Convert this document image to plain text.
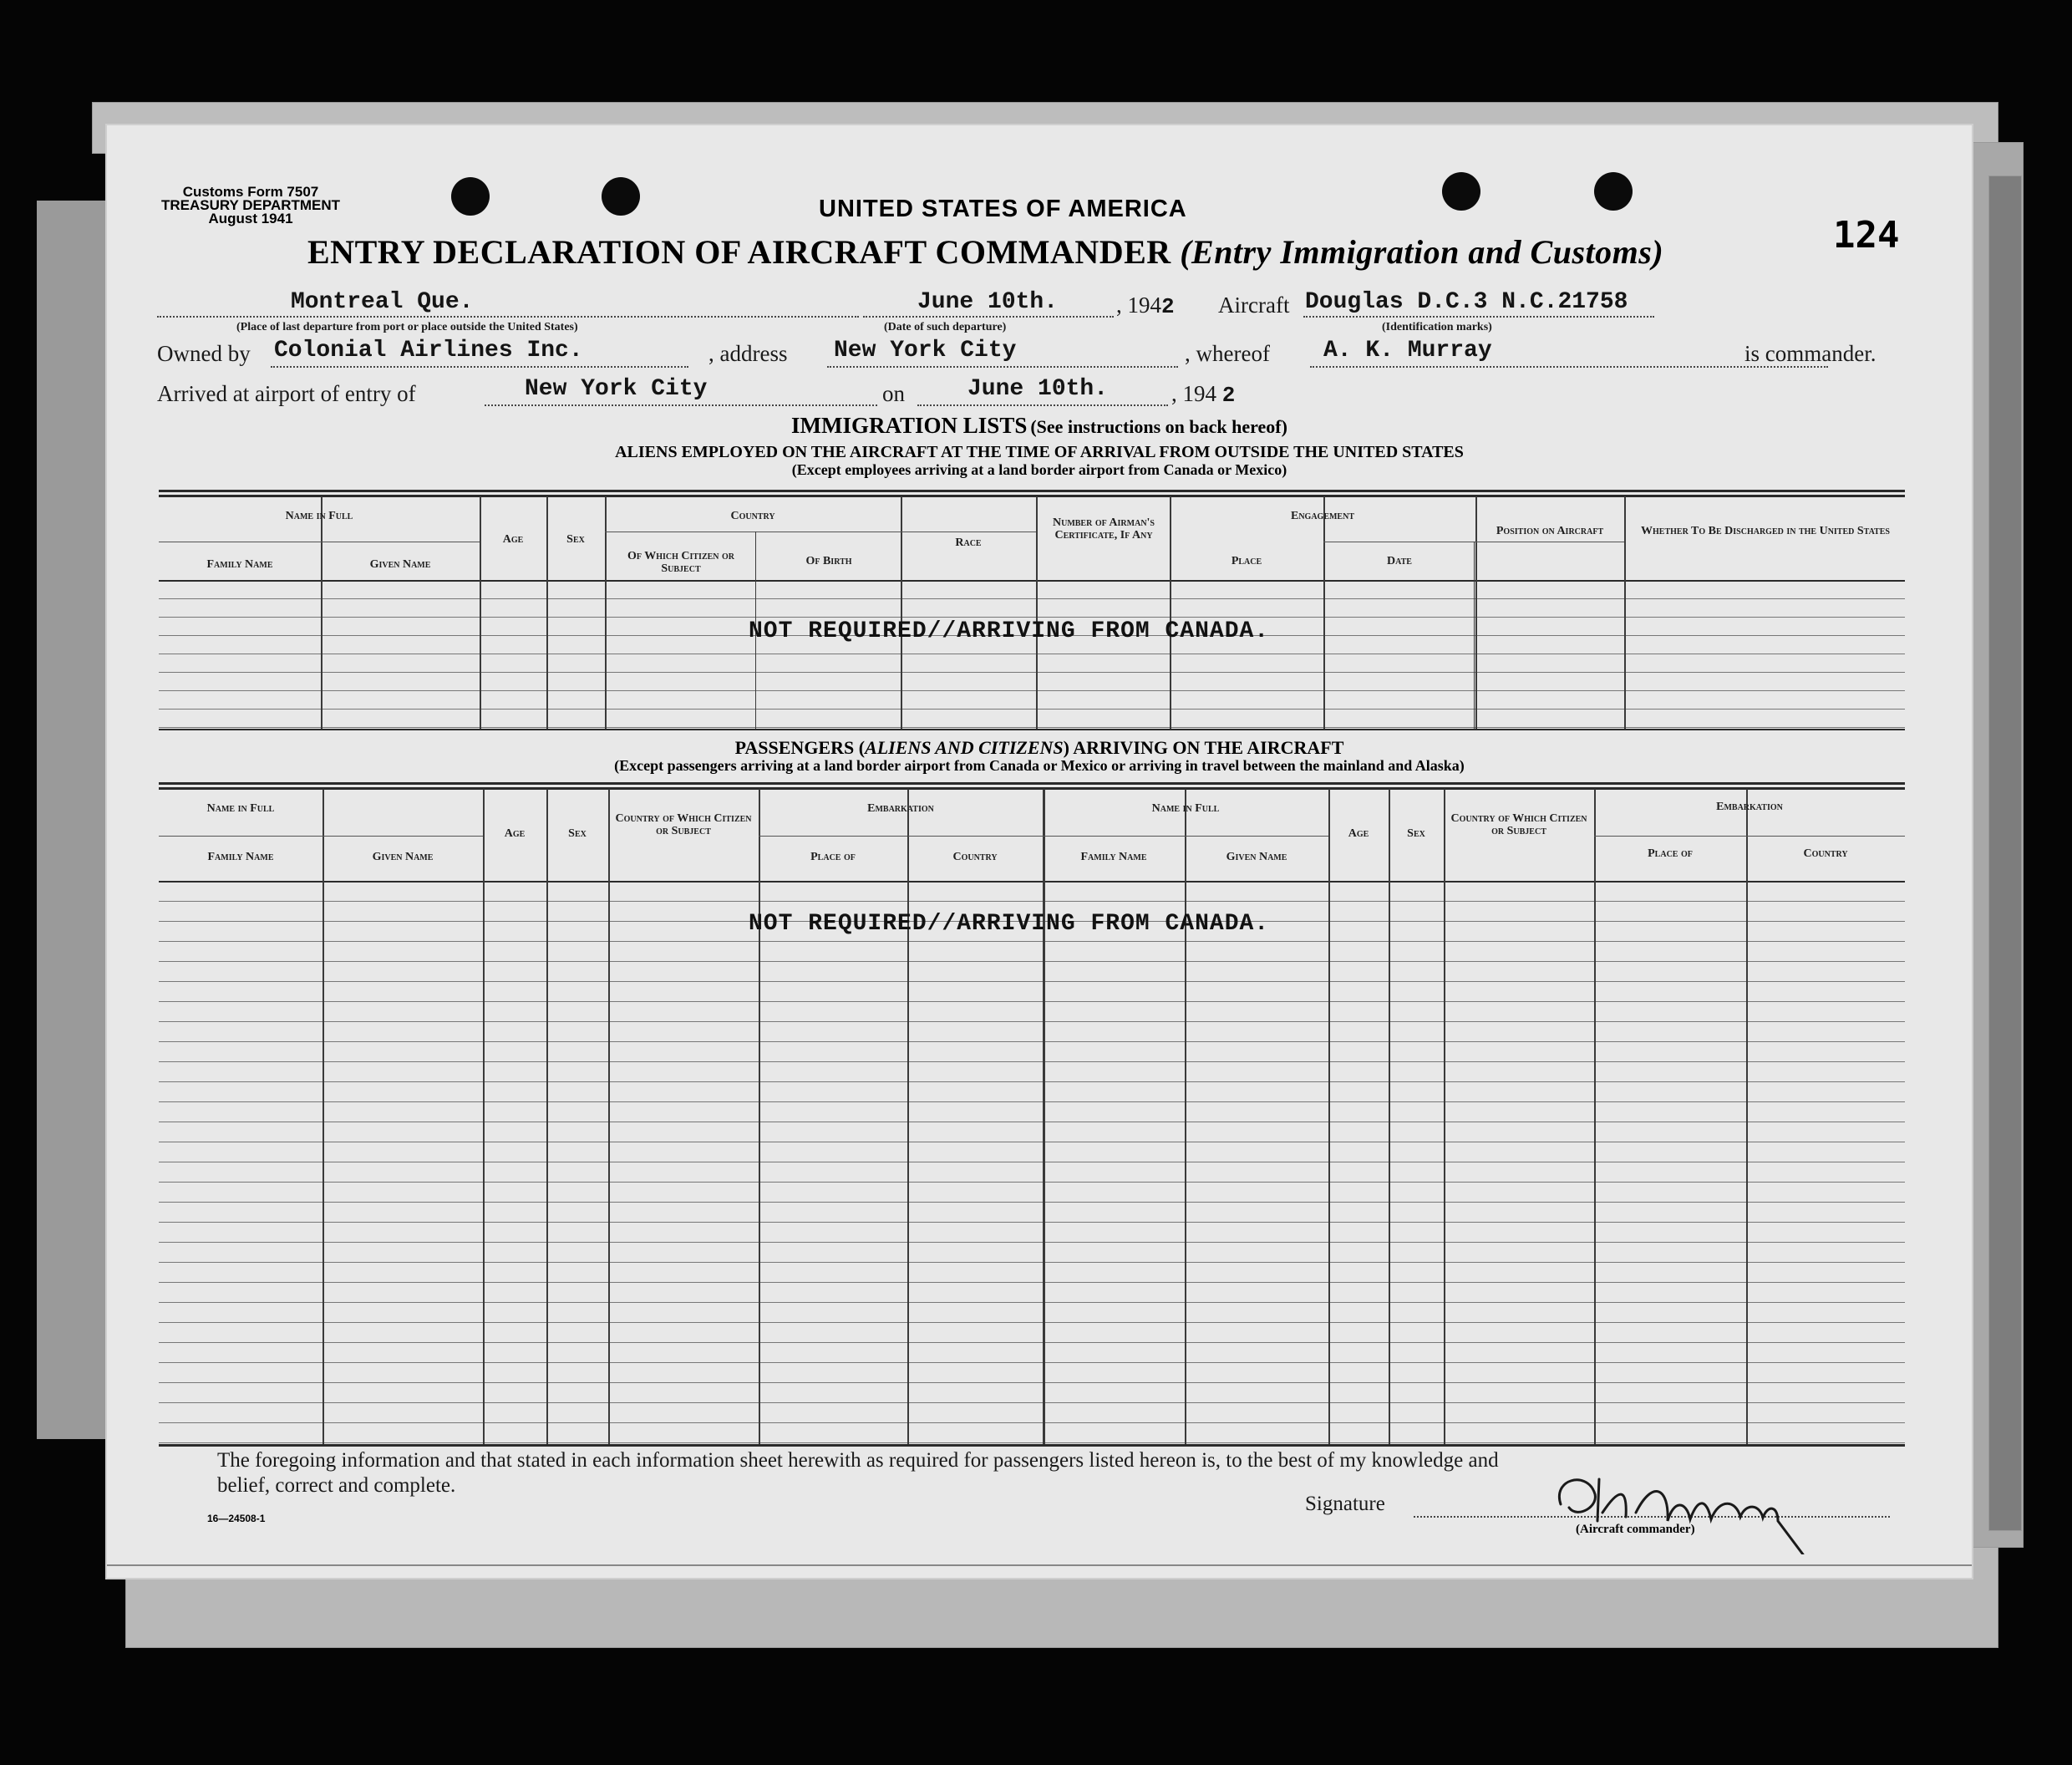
Customs Form 7507
TREASURY DEPARTMENT
August 1941	UNITED STATES OF AMERICA
ENTRY DECLARATION OF AIRCRAFT COMMANDER (Entry Immigration and Customs)	124
Montreal Que.
(Place of last departure from port or place outside the United States)
June 10th.
(Date of such departure)
, 1942 Aircraft Douglas D.C.3 N.C.21758
(Identification marks)
Owned by Colonial Airlines Inc.	, address New York City	, whereof A. K. Murray	is commander.
Arrived at airport of entry of	New York City	on	June 10th.	, 194 2
IMMIGRATION LISTS (See instructions on back hereof)
ALIENS EMPLOYED ON THE AIRCRAFT AT THE TIME OF ARRIVAL FROM OUTSIDE THE UNITED STATES
(Except employees arriving at a land border airport from Canada or Mexico)
Name in Full
Family Name	Given Name
Age	Sex
Country
Of Which Citizen or Subject
Of Birth
Race
Number of Airman's Certificate, If Any
Engagement
Place	Date
Position on Aircraft	Whether To Be Discharged in the United States
NOT REQUIRED//ARRIVING FROM CANADA.
PASSENGERS (ALIENS AND CITIZENS) ARRIVING ON THE AIRCRAFT
(Except passengers arriving at a land border airport from Canada or Mexico or arriving in travel between the mainland and Alaska)
Name in Full
Family Name	Given Name
Age	Sex
Country of Which Citizen or Subject
Embarkation
Place of	Country
Name in Full
Family Name	Given Name
Age	Sex
Country of Which Citizen or Subject
Embarkation
Place of	Country
NOT REQUIRED//ARRIVING FROM CANADA.
The foregoing information and that stated in each information sheet herewith as required for passengers listed hereon is, to the best of my knowledge and
belief, correct and complete.
16—24508-1
Signature
(Aircraft commander)
